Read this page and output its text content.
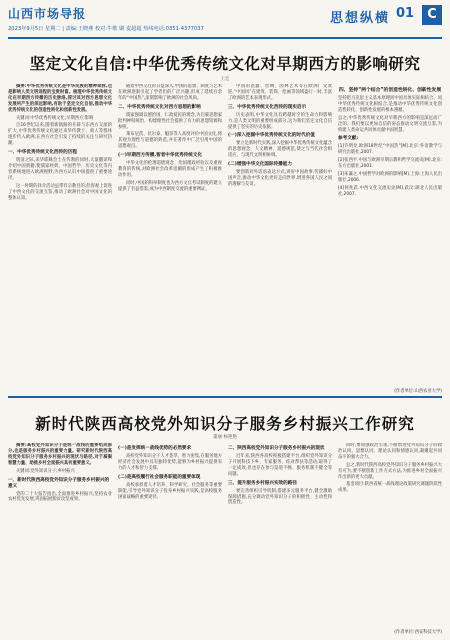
山西市场导报
2023年9月5日 星期二 | 责编:王晓燕 校对:牛歌 刷 麦超超 热线电话:0351-4377037
思想纵横 01	C
坚定文化自信:中华优秀传统文化对早期西方的影响研究
王宏

摘要:中华优秀传统文化是中华民族的精神命脉,也是影响人类文明进程的宝贵财富。梳理中华优秀传统文化在早期西方传播的历史脉络,探讨其对西方思想文化发展所产生的深远影响,有助于坚定文化自信,推动中华优秀传统文化的创造性转化和创新性发展。

关键词:中华优秀传统文化;早期西方;影响

自16世纪以来,随着新航路的开辟与东西方交流的扩大,中华优秀传统文化通过来华传教士、商人等群体逐步传入欧洲,在西方社会引发了持续的关注与研究热潮。

一、中华优秀传统文化西传的历程

明清之际,来华耶稣会士在传教的同时,大量翻译和介绍中国典籍,使儒家经典、中国哲学、历史文化等内容系统地进入欧洲视野,为西方认识中国提供了重要途径。

这一时期的译介活动虽带有宗教目的,但客观上促进了中西文化的交流互鉴,推动了欧洲社会对中国文化的整体认知。

随着中西交往的日益深入,中国的思想、制度与艺术在欧洲逐渐引起了学者们的广泛兴趣,形成了延续百余年的“中国热”,深刻影响了欧洲的社会风尚。

二、中华优秀传统文化对西方思想的影响

儒家强调以德治国、仁政爱民的理念,为启蒙思想家批判神权统治、构建理性社会提供了有力的思想资源和参照。

莱布尼茨、伏尔泰、魁奈等人高度评价中国文化,将其视为理性与道德的典范,并在著作中广泛引用中国的思想观点。

(一)早期西方传播,智者中华优秀传统文化

中华文化的伦理道德观念、治国理政经验以及重视教育的传统,对欧洲社会改革思潮的形成产生了积极推动作用。

同时,中国的科举制度也为西方文官考试制度的建立提供了有益借鉴,成为中西制度交流的重要例证。

中国的瓷器、丝绸、园林艺术等在欧洲广受欢迎,“中国风”在建筑、装饰、绘画等领域盛行一时,丰富了欧洲的艺术表现形式。

三、中华优秀传统文化西传的现实启示

历史表明,中华文化具有跨越时空的生命力和影响力,是人类文明的重要组成部分,这为我们坚定文化自信提供了坚实的历史依据。

(一)深入挖掘中华优秀传统文化的时代价值

要立足新时代实践,深入挖掘中华优秀传统文化蕴含的思想观念、人文精神、道德规范,使之与当代社会相适应、与现代文明相协调。

(二)增强中华文化国际传播能力

要创新对外话语表达方式,讲好中国故事,传播好中国声音,推动中华文化更好走向世界,增进各国人民之间的理解与友谊。

四、坚持“两个结合”的创造性转化、创新性发展

坚持把马克思主义基本原理同中国具体实际相结合、同中华优秀传统文化相结合,是推动中华优秀传统文化创造性转化、创新性发展的根本遵循。

总之,中华优秀传统文化对早期西方的影响是深远而广泛的。我们要以更加自信的姿态推动文明交流互鉴,为构建人类命运共同体贡献中国智慧。

参考文献:

[1]许明龙.欧洲18世纪“中国热”[M].北京:外语教学与研究出版社,2007.

[2]张西平.中国与欧洲早期宗教和哲学交流史[M].北京:东方出版社,2001.

[3]朱谦之.中国哲学对欧洲的影响[M].上海:上海人民出版社,2006.

[4]何兆武.中西文化交流史论[M].武汉:湖北人民出版社,2007.

(作者单位:山西农业大学)
新时代陕西高校党外知识分子服务乡村振兴工作研究
董丽 杨艳艳

摘要:高校党外知识分子是统一战线的重要组成部分,也是服务乡村振兴的重要力量。研究新时代陕西高校党外知识分子服务乡村振兴的现状与路径,对于凝聚智慧力量、助推乡村全面振兴具有重要意义。

关键词:党外知识分子;乡村振兴

一、新时代陕西高校党外知识分子服务乡村振兴的意义

党的二十大报告指出,全面推进乡村振兴,坚持农业农村优先发展,巩固拓展脱贫攻坚成果。

(一)是发挥统一战线优势的必然要求

高校党外知识分子人才荟萃、智力密集,在服务地方经济社会发展中具有独特优势,能够为乡村振兴提供有力的人才和智力支撑。

(二)是高校履行社会服务职能的重要体现

高校承担着人才培养、科学研究、社会服务等重要职能,引导党外知识分子投身乡村振兴实践,是高校服务国家战略的重要途径。

二、陕西高校党外知识分子服务乡村振兴的现状

近年来,陕西各高校积极搭建平台,组织党外知识分子开展科技下乡、专家服务、结对帮扶等活动,取得了一定成效,但也存在参与渠道不畅、服务机制不健全等问题。

三、提升服务乡村振兴实效的路径

要完善组织引导机制,搭建多元服务平台,健全激励保障措施,充分调动党外知识分子的积极性、主动性和创造性。

同时,要加强政治引领,不断增进党外知识分子的政治认同、思想认同、理论认同和情感认同,凝聚起共同奋斗的强大合力。

总之,新时代陕西高校党外知识分子服务乡村振兴大有可为,要不断创新工作方式方法,为推进乡村全面振兴作出新的更大贡献。

基金项目:陕西省统一战线理论政策研究课题阶段性成果。

(作者单位:西安科技大学)
